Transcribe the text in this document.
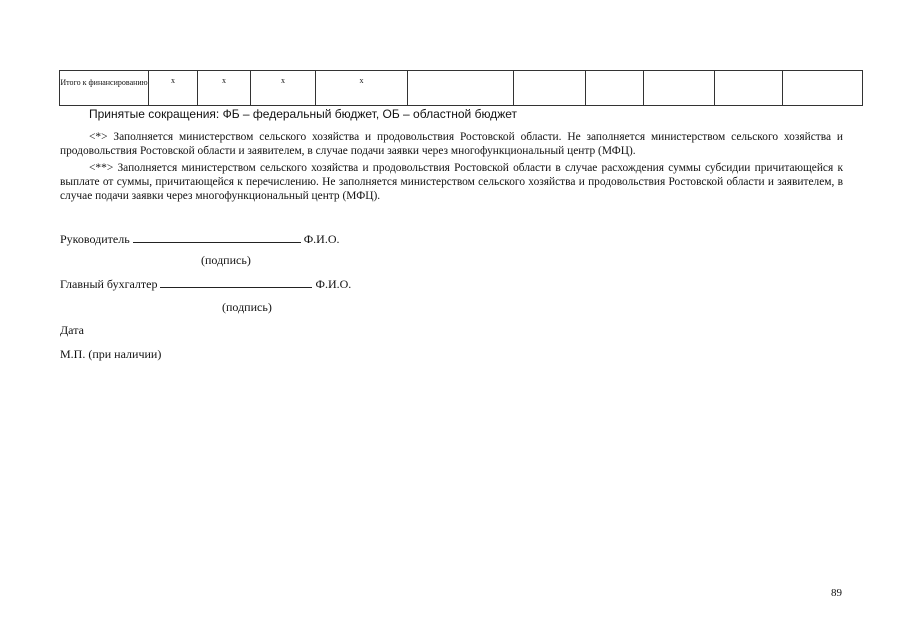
Итого к финансированию	х	х	х	х						
Принятые сокращения: ФБ – федеральный бюджет, ОБ – областной бюджет

<*> Заполняется министерством сельского хозяйства и продовольствия Ростовской области. Не заполняется министерством сельского хозяйства и продовольствия Ростовской области и заявителем, в случае подачи заявки через многофункциональный центр (МФЦ).

<**> Заполняется министерством сельского хозяйства и продовольствия Ростовской области в случае расхождения суммы субсидии причитающейся к выплате от суммы, причитающейся к перечислению. Не заполняется министерством сельского хозяйства и продовольствия Ростовской области и заявителем, в случае подачи заявки через многофункциональный центр (МФЦ).

Руководитель	Ф.И.О.
(подпись)
Главный бухгалтер	Ф.И.О.
(подпись)
Дата
М.П. (при наличии)
89
